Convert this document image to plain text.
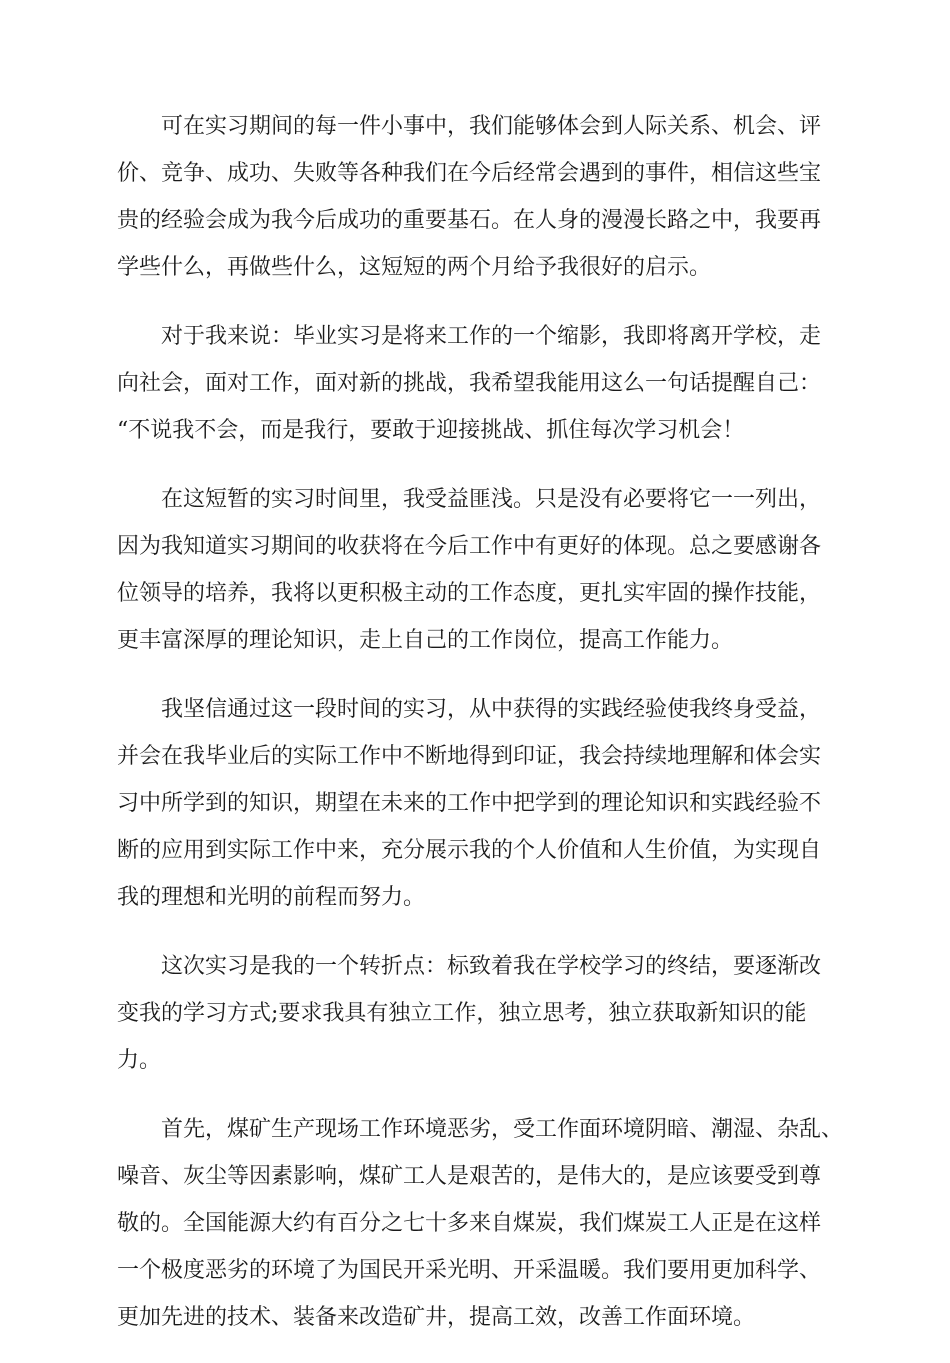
可在实习期间的每一件小事中，我们能够体会到人际关系、机会、评
价、竞争、成功、失败等各种我们在今后经常会遇到的事件，相信这些宝
贵的经验会成为我今后成功的重要基石。在人身的漫漫长路之中，我要再
学些什么，再做些什么，这短短的两个月给予我很好的启示。

对于我来说：毕业实习是将来工作的一个缩影，我即将离开学校，走
向社会，面对工作，面对新的挑战，我希望我能用这么一句话提醒自己：
“不说我不会，而是我行，要敢于迎接挑战、抓住每次学习机会！

在这短暂的实习时间里，我受益匪浅。只是没有必要将它一一列出，
因为我知道实习期间的收获将在今后工作中有更好的体现。总之要感谢各
位领导的培养，我将以更积极主动的工作态度，更扎实牢固的操作技能，
更丰富深厚的理论知识，走上自己的工作岗位，提高工作能力。

我坚信通过这一段时间的实习，从中获得的实践经验使我终身受益，
并会在我毕业后的实际工作中不断地得到印证，我会持续地理解和体会实
习中所学到的知识，期望在未来的工作中把学到的理论知识和实践经验不
断的应用到实际工作中来，充分展示我的个人价值和人生价值，为实现自
我的理想和光明的前程而努力。

这次实习是我的一个转折点：标致着我在学校学习的终结，要逐渐改
变我的学习方式;要求我具有独立工作，独立思考，独立获取新知识的能
力。

首先，煤矿生产现场工作环境恶劣，受工作面环境阴暗、潮湿、杂乱、
噪音、灰尘等因素影响，煤矿工人是艰苦的，是伟大的，是应该要受到尊
敬的。全国能源大约有百分之七十多来自煤炭，我们煤炭工人正是在这样
一个极度恶劣的环境了为国民开采光明、开采温暖。我们要用更加科学、
更加先进的技术、装备来改造矿井，提高工效，改善工作面环境。
